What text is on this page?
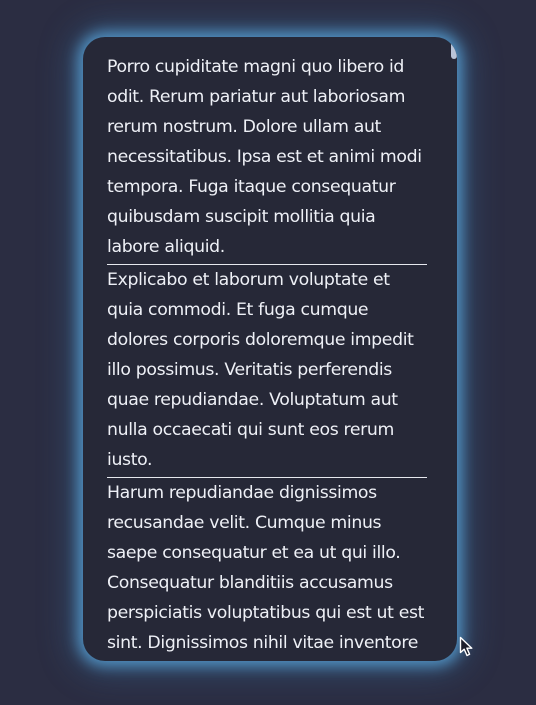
Porro cupiditate magni quo libero id odit. Rerum pariatur aut laboriosam rerum nostrum. Dolore ullam aut necessitatibus. Ipsa est et animi modi tempora. Fuga itaque consequatur quibusdam suscipit mollitia quia labore aliquid.

Explicabo et laborum voluptate et quia commodi. Et fuga cumque dolores corporis doloremque impedit illo possimus. Veritatis perferendis quae repudiandae. Voluptatum aut nulla occaecati qui sunt eos rerum iusto.

Harum repudiandae dignissimos recusandae velit. Cumque minus saepe consequatur et ea ut qui illo. Consequatur blanditiis accusamus perspiciatis voluptatibus qui est ut est sint. Dignissimos nihil vitae inventore
